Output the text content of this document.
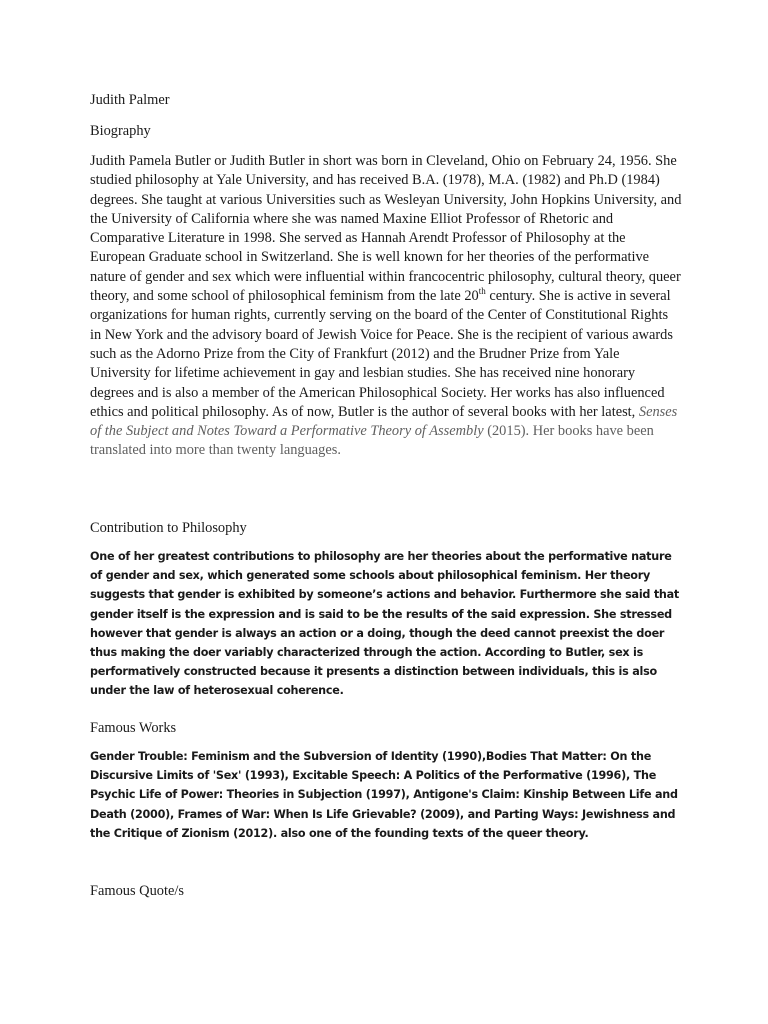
Judith Palmer

Biography

Judith Pamela Butler or Judith Butler in short was born in Cleveland, Ohio on February 24, 1956. She studied philosophy at Yale University, and has received B.A. (1978), M.A. (1982) and Ph.D (1984) degrees. She taught at various Universities such as Wesleyan University, John Hopkins University, and the University of California where she was named Maxine Elliot Professor of Rhetoric and Comparative Literature in 1998. She served as Hannah Arendt Professor of Philosophy at the European Graduate school in Switzerland. She is well known for her theories of the performative nature of gender and sex which were influential within francocentric philosophy, cultural theory, queer theory, and some school of philosophical feminism from the late 20th century. She is active in several organizations for human rights, currently serving on the board of the Center of Constitutional Rights in New York and the advisory board of Jewish Voice for Peace. She is the recipient of various awards such as the Adorno Prize from the City of Frankfurt (2012) and the Brudner Prize from Yale University for lifetime achievement in gay and lesbian studies. She has received nine honorary degrees and is also a member of the American Philosophical Society. Her works has also influenced ethics and political philosophy. As of now, Butler is the author of several books with her latest, Senses of the Subject and Notes Toward a Performative Theory of Assembly (2015). Her books have been translated into more than twenty languages.

Contribution to Philosophy

One of her greatest contributions to philosophy are her theories about the performative nature of gender and sex, which generated some schools about philosophical feminism. Her theory suggests that gender is exhibited by someone’s actions and behavior. Furthermore she said that gender itself is the expression and is said to be the results of the said expression. She stressed however that gender is always an action or a doing, though the deed cannot preexist the doer thus making the doer variably characterized through the action. According to Butler, sex is performatively constructed because it presents a distinction between individuals, this is also under the law of heterosexual coherence.

Famous Works

Gender Trouble: Feminism and the Subversion of Identity (1990),Bodies That Matter: On the Discursive Limits of 'Sex' (1993), Excitable Speech: A Politics of the Performative (1996), The Psychic Life of Power: Theories in Subjection (1997), Antigone's Claim: Kinship Between Life and Death (2000), Frames of War: When Is Life Grievable? (2009), and Parting Ways: Jewishness and the Critique of Zionism (2012). also one of the founding texts of the queer theory.

Famous Quote/s
